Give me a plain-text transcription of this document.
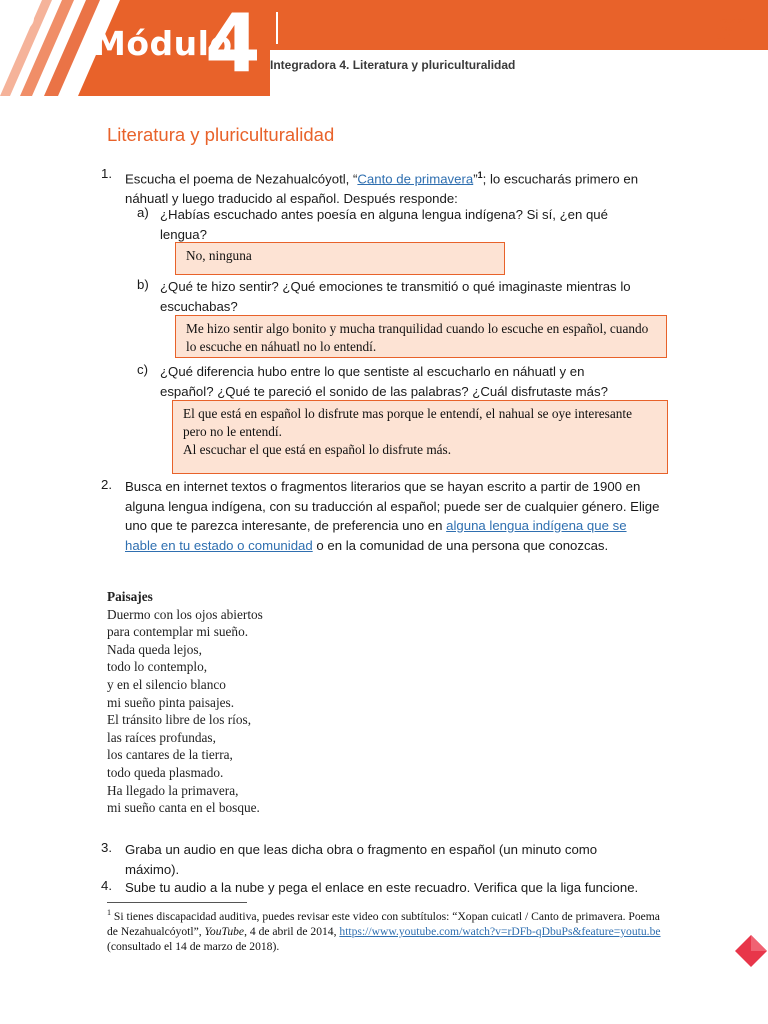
Módulo
4 Integradora 4. Literatura y pluriculturalidad
Prepa en
línea
SEP
Literatura y pluriculturalidad
1. Escucha el poema de Nezahualcóyotl, “Canto de primavera”$^1$; lo escucharás primero en
náhuatl y luego traducido al español. Después responde:
a) ¿Habías escuchado antes poesía en alguna lengua indígena? Si sí, ¿en qué lengua?
No, ninguna
b) ¿Qué te hizo sentir? ¿Qué emociones te transmitió o qué imaginaste mientras lo escuchabas?
Me hizo sentir algo bonito y mucha tranquilidad cuando lo escuche en español, cuando lo escuche en náhuatl no lo entendí.
c) ¿Qué diferencia hubo entre lo que sentiste al escucharlo en náhuatl y en español? ¿Qué te pareció el sonido de las palabras? ¿Cuál disfrutaste más?
El que está en español lo disfrute mas porque le entendí, el nahual se oye interesante pero no le entendí.
Al escuchar el que está en español lo disfrute más.
2. Busca en internet textos o fragmentos literarios que se hayan escrito a partir de 1900 en alguna lengua indígena, con su traducción al español; puede ser de cualquier género. Elige uno que te parezca interesante, de preferencia uno en alguna lengua indígena que se hable en tu estado o comunidad o en la comunidad de una persona que conozcas.
Paisajes
Duermo con los ojos abiertos
para contemplar mi sueño.
Nada queda lejos,
todo lo contemplo,
y en el silencio blanco
mi sueño pinta paisajes.
El tránsito libre de los ríos,
las raíces profundas,
los cantares de la tierra,
todo queda plasmado.
Ha llegado la primavera,
mi sueño canta en el bosque.
3. Graba un audio en que leas dicha obra o fragmento en español (un minuto como máximo).
4. Sube tu audio a la nube y pega el enlace en este recuadro. Verifica que la liga funcione.
$^1$ Si tienes discapacidad auditiva, puedes revisar este video con subtítulos: “Xopan cuicatl / Canto de primavera. Poema de Nezahualcóyotl”, YouTube, 4 de abril de 2014, https://www.youtube.com/watch?v=rDFb-qDbuPs&feature=youtu.be(consultado el 14 de marzo de 2018).
